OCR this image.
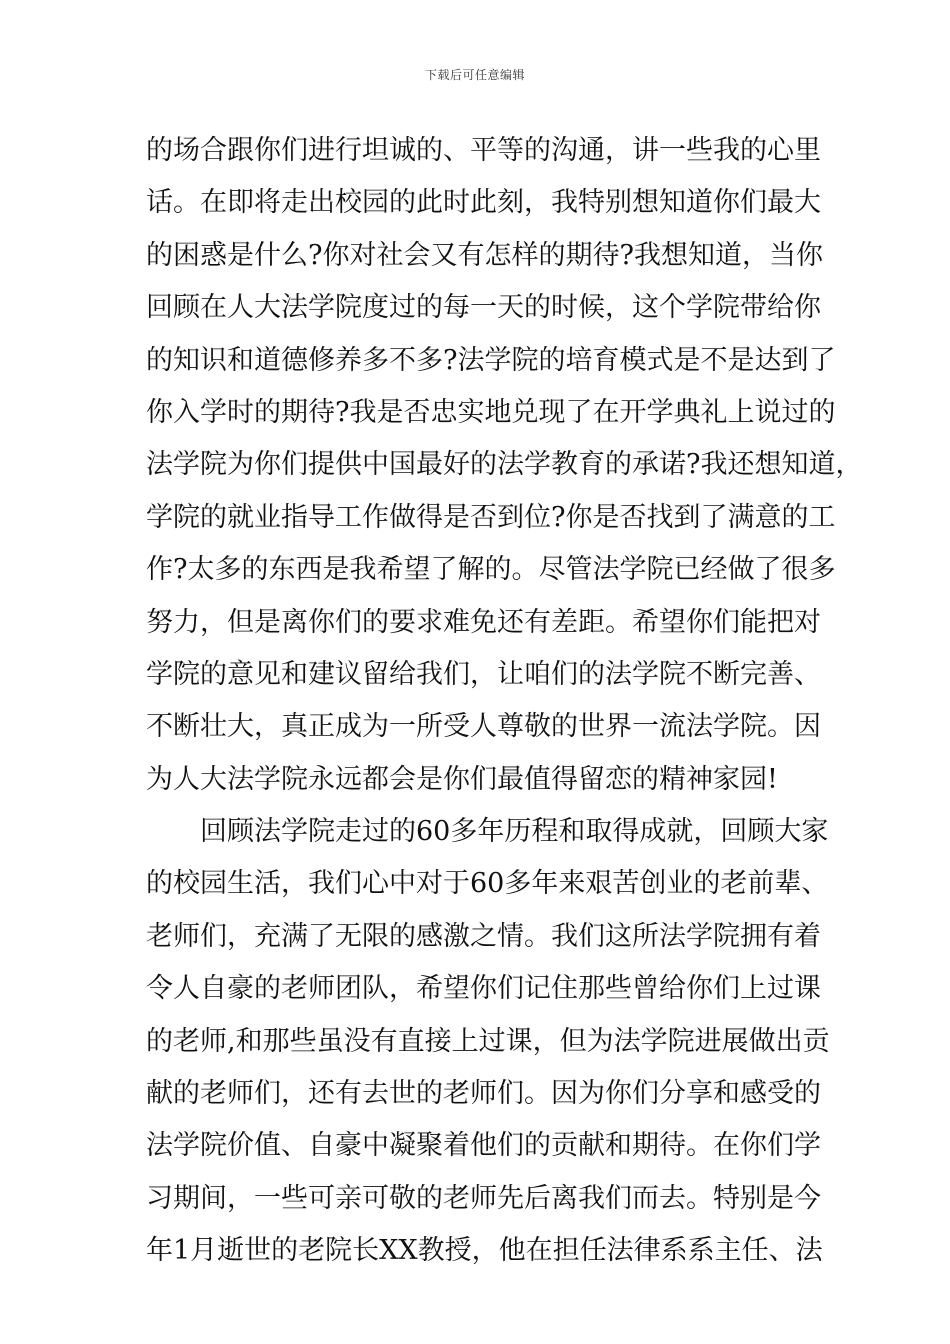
下载后可任意编辑
的场合跟你们进行坦诚的、平等的沟通，讲一些我的心里
话。在即将走出校园的此时此刻，我特别想知道你们最大
的困惑是什么?你对社会又有怎样的期待?我想知道，当你
回顾在人大法学院度过的每一天的时候，这个学院带给你
的知识和道德修养多不多?法学院的培育模式是不是达到了
你入学时的期待?我是否忠实地兑现了在开学典礼上说过的
法学院为你们提供中国最好的法学教育的承诺?我还想知道，
学院的就业指导工作做得是否到位?你是否找到了满意的工
作?太多的东西是我希望了解的。尽管法学院已经做了很多
努力，但是离你们的要求难免还有差距。希望你们能把对
学院的意见和建议留给我们，让咱们的法学院不断完善、
不断壮大，真正成为一所受人尊敬的世界一流法学院。因
为人大法学院永远都会是你们最值得留恋的精神家园!
　　回顾法学院走过的60多年历程和取得成就，回顾大家
的校园生活，我们心中对于60多年来艰苦创业的老前辈、
老师们，充满了无限的感激之情。我们这所法学院拥有着
令人自豪的老师团队，希望你们记住那些曾给你们上过课
的老师,和那些虽没有直接上过课，但为法学院进展做出贡
献的老师们，还有去世的老师们。因为你们分享和感受的
法学院价值、自豪中凝聚着他们的贡献和期待。在你们学
习期间，一些可亲可敬的老师先后离我们而去。特别是今
年1月逝世的老院长XX教授，他在担任法律系系主任、法
